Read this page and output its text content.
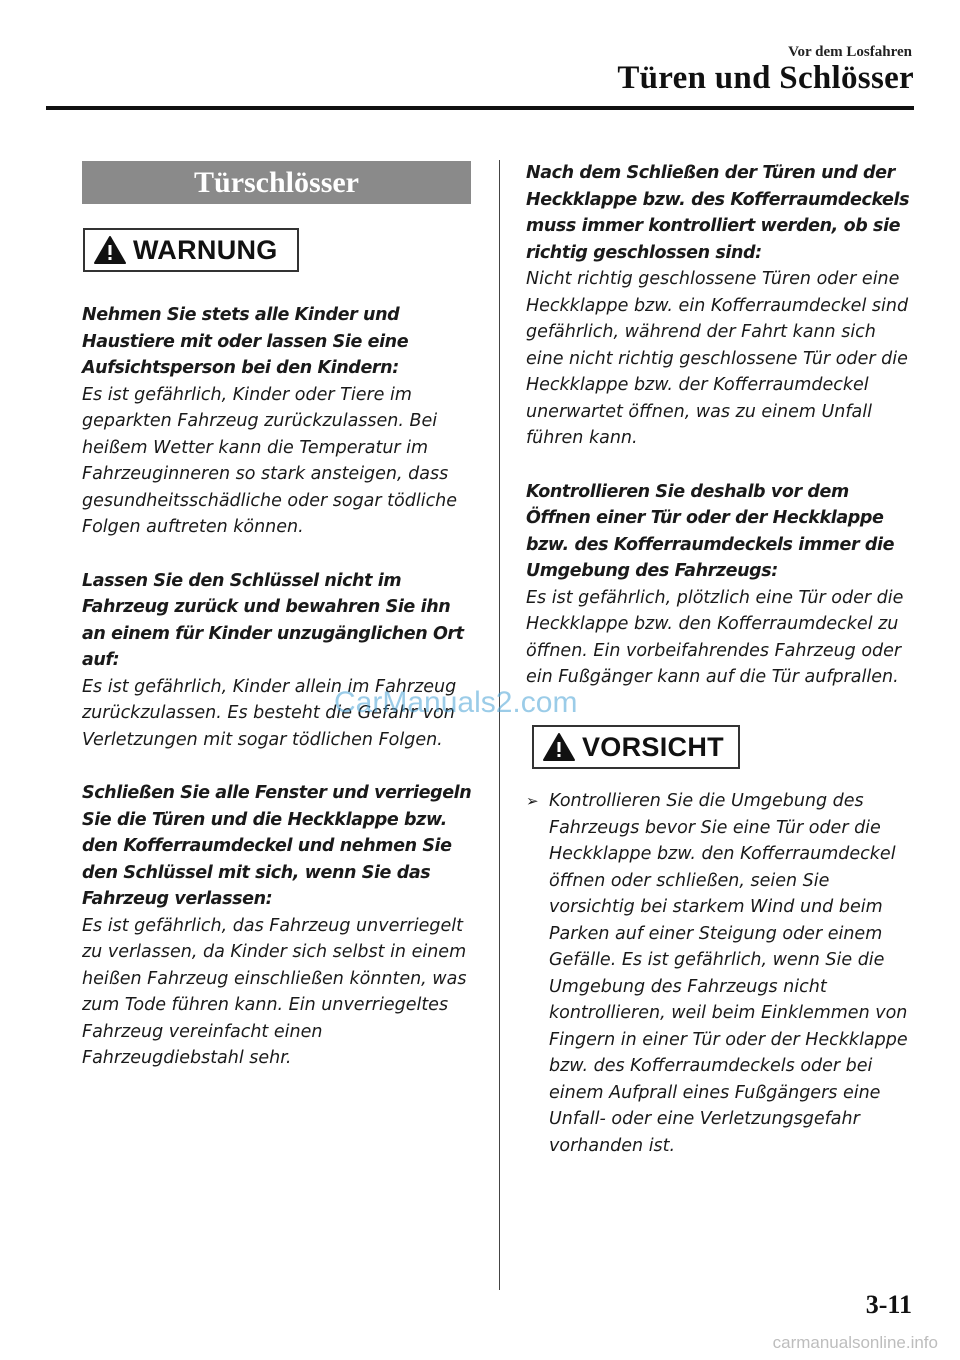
Vor dem Losfahren
Türen und Schlösser
Türschlösser
WARNUNG

Nehmen Sie stets alle Kinder und Haustiere mit oder lassen Sie eine Aufsichtsperson bei den Kindern:
Es ist gefährlich, Kinder oder Tiere im geparkten Fahrzeug zurückzulassen. Bei heißem Wetter kann die Temperatur im Fahrzeuginneren so stark ansteigen, dass gesundheitsschädliche oder sogar tödliche Folgen auftreten können.

Lassen Sie den Schlüssel nicht im Fahrzeug zurück und bewahren Sie ihn an einem für Kinder unzugänglichen Ort auf:
Es ist gefährlich, Kinder allein im Fahrzeug zurückzulassen. Es besteht die Gefahr von Verletzungen mit sogar tödlichen Folgen.

Schließen Sie alle Fenster und verriegeln Sie die Türen und die Heckklappe bzw. den Kofferraumdeckel und nehmen Sie den Schlüssel mit sich, wenn Sie das Fahrzeug verlassen:
Es ist gefährlich, das Fahrzeug unverriegelt zu verlassen, da Kinder sich selbst in einem heißen Fahrzeug einschließen könnten, was zum Tode führen kann. Ein unverriegeltes Fahrzeug vereinfacht einen Fahrzeugdiebstahl sehr.

Nach dem Schließen der Türen und der Heckklappe bzw. des Kofferraumdeckels muss immer kontrolliert werden, ob sie richtig geschlossen sind:
Nicht richtig geschlossene Türen oder eine Heckklappe bzw. ein Kofferraumdeckel sind gefährlich, während der Fahrt kann sich eine nicht richtig geschlossene Tür oder die Heckklappe bzw. der Kofferraumdeckel unerwartet öffnen, was zu einem Unfall führen kann.

Kontrollieren Sie deshalb vor dem Öffnen einer Tür oder der Heckklappe bzw. des Kofferraumdeckels immer die Umgebung des Fahrzeugs:
Es ist gefährlich, plötzlich eine Tür oder die Heckklappe bzw. den Kofferraumdeckel zu öffnen. Ein vorbeifahrendes Fahrzeug oder ein Fußgänger kann auf die Tür aufprallen.

VORSICHT
➢ Kontrollieren Sie die Umgebung des Fahrzeugs bevor Sie eine Tür oder die Heckklappe bzw. den Kofferraumdeckel öffnen oder schließen, seien Sie vorsichtig bei starkem Wind und beim Parken auf einer Steigung oder einem Gefälle. Es ist gefährlich, wenn Sie die Umgebung des Fahrzeugs nicht kontrollieren, weil beim Einklemmen von Fingern in einer Tür oder der Heckklappe bzw. des Kofferraumdeckels oder bei einem Aufprall eines Fußgängers eine Unfall- oder eine Verletzungsgefahr vorhanden ist.
CarManuals2.com
3-11
carmanualsonline.info
